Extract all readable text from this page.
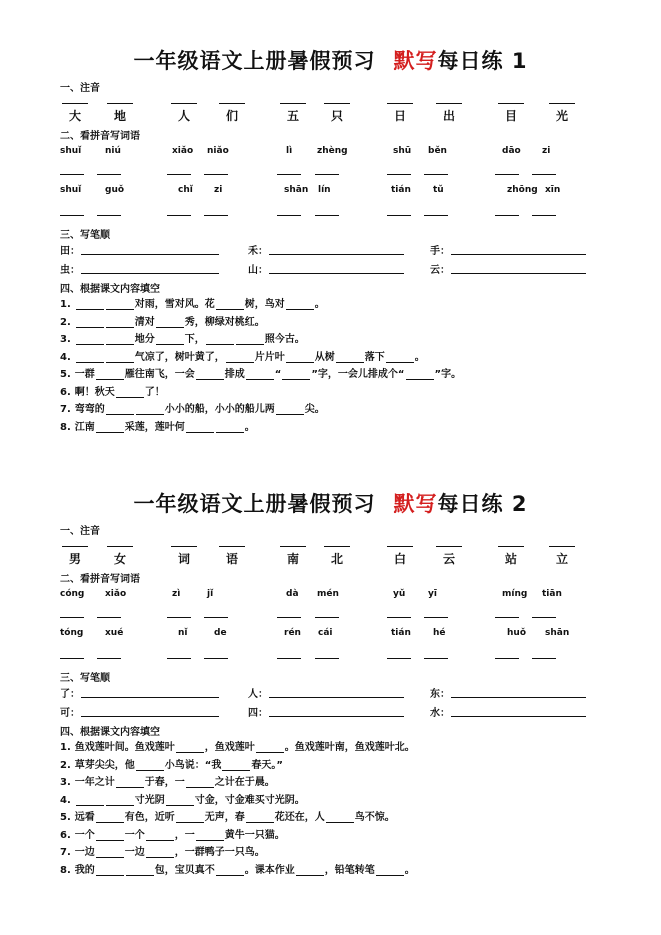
一年级语文上册暑假预习 默写每日练 1
一、注音
大	地	人	们	五	只	日	出	目	光
二、看拼音写词语
shuǐ	niú	xiǎo niǎo	lì	zhèng	shū běn	dāo zi
shuǐ	guǒ	chǐ zi	shān lín	tián tǔ	zhōng xīn
三、写笔顺
田：	禾：	手：
虫：	山：	云：
四、根据课文内容填空
1.	对雨，雪对风。花	树，鸟对	。
2.	清对	秀，柳绿对桃红。
3.	地分	下，	照今古。
4.	气凉了，树叶黄了，	片片叶	从树	落下	。
5. 一群	雁往南飞，一会	排成	“	”字，一会儿排成个“	”字。
6. 啊！秋天	了！
7. 弯弯的	小小的船，小小的船儿两	尖。
8. 江南	采莲，莲叶何	。
一年级语文上册暑假预习 默写每日练 2
一、注音
男	女	词	语	南	北	白	云	站	立
二、看拼音写词语
cóng xiǎo	zì	jǐ	dà mén	yǔ	yī	míng tiān
tóng xué	nǐ	de	rén cái	tián hé	huǒ shān
三、写笔顺
了：	人：	东：
可：	四：	水：
四、根据课文内容填空
1. 鱼戏莲叶间。鱼戏莲叶	，鱼戏莲叶	。鱼戏莲叶南，鱼戏莲叶北。
2. 草芽尖尖，他	小鸟说：“我	春天。”
3. 一年之计	于春，一	之计在于晨。
4.	寸光阴	寸金，寸金难买寸光阴。
5. 远看	有色，近听	无声，春	花还在，人	鸟不惊。
6. 一个	一个	，一	黄牛一只猫。
7. 一边	一边	，一群鸭子一只鸟。
8. 我的	包，宝贝真不	。课本作业	，铅笔转笔	。
